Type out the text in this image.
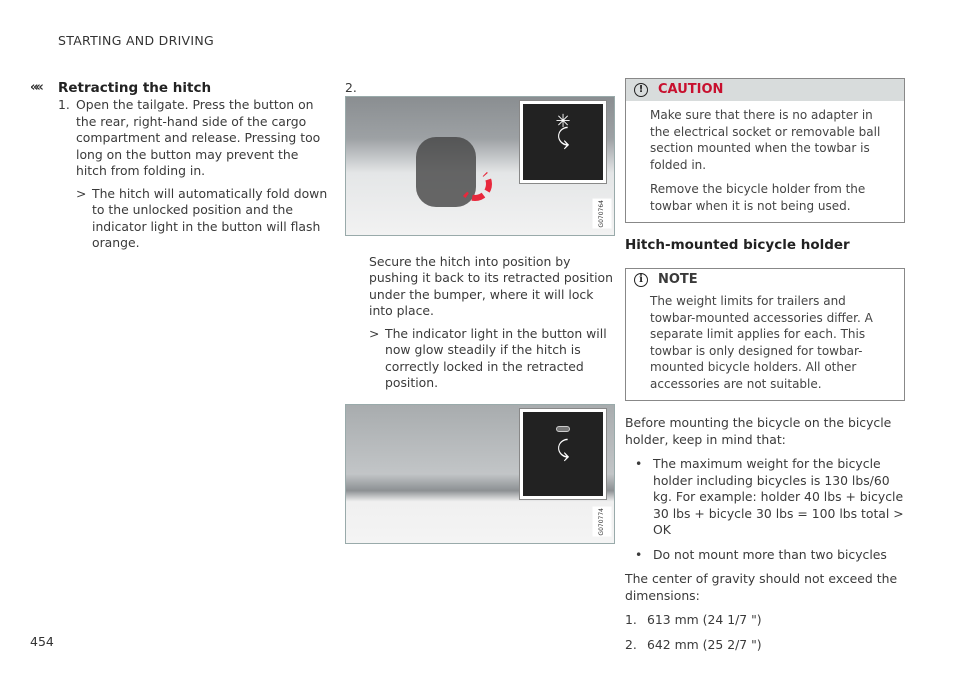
STARTING AND DRIVING
««
454
Retracting the hitch
1. Open the tailgate. Press the button on the rear, right-hand side of the cargo compartment and release. Pressing too long on the button may prevent the hitch from folding in.
> The hitch will automatically fold down to the unlocked position and the indicator light in the button will flash orange.
2.
✳
⤹
G070764
Secure the hitch into position by pushing it back to its retracted position under the bumper, where it will lock into place.
> The indicator light in the button will now glow steadily if the hitch is correctly locked in the retracted position.
⤹
G070774
!	CAUTION

Make sure that there is no adapter in the electrical socket or removable ball section mounted when the towbar is folded in.

Remove the bicycle holder from the towbar when it is not being used.

Hitch-mounted bicycle holder
i	NOTE

The weight limits for trailers and towbar-mounted accessories differ. A separate limit applies for each. This towbar is only designed for towbar-mounted bicycle holders. All other accessories are not suitable.

Before mounting the bicycle on the bicycle holder, keep in mind that:

• The maximum weight for the bicycle holder including bicycles is 130 lbs/60 kg. For example: holder 40 lbs + bicycle 30 lbs + bicycle 30 lbs = 100 lbs total > OK
• Do not mount more than two bicycles

The center of gravity should not exceed the dimensions:

1. 613 mm (24 1/7 ")
2. 642 mm (25 2/7 ")
